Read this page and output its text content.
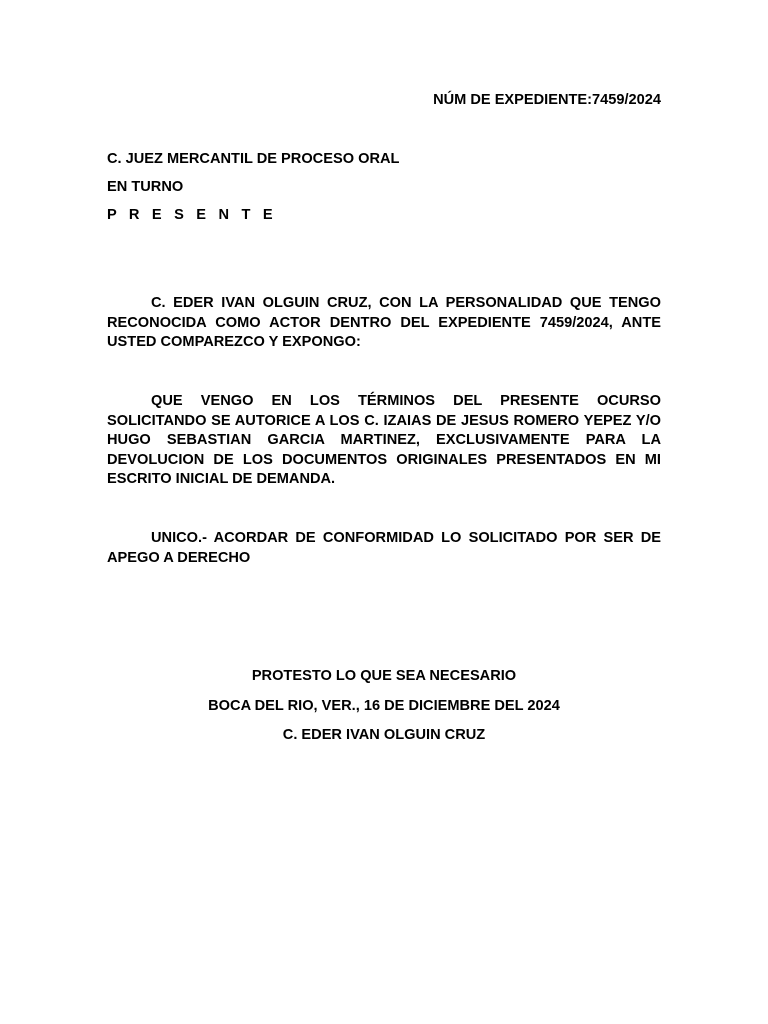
NÚM DE EXPEDIENTE:7459/2024
C. JUEZ MERCANTIL DE PROCESO ORAL
EN TURNO
P R E S E N T E

C. EDER IVAN OLGUIN CRUZ, CON LA PERSONALIDAD QUE TENGO RECONOCIDA COMO ACTOR DENTRO DEL EXPEDIENTE 7459/2024, ANTE USTED COMPAREZCO Y EXPONGO:

QUE VENGO EN LOS TÉRMINOS DEL PRESENTE OCURSO SOLICITANDO SE AUTORICE A LOS C. IZAIAS DE JESUS ROMERO YEPEZ Y/O HUGO SEBASTIAN GARCIA MARTINEZ, EXCLUSIVAMENTE PARA LA DEVOLUCION DE LOS DOCUMENTOS ORIGINALES PRESENTADOS EN MI ESCRITO INICIAL DE DEMANDA.

UNICO.- ACORDAR DE CONFORMIDAD LO SOLICITADO POR SER DE APEGO A DERECHO

PROTESTO LO QUE SEA NECESARIO
BOCA DEL RIO, VER., 16 DE DICIEMBRE DEL 2024
C. EDER IVAN OLGUIN CRUZ
